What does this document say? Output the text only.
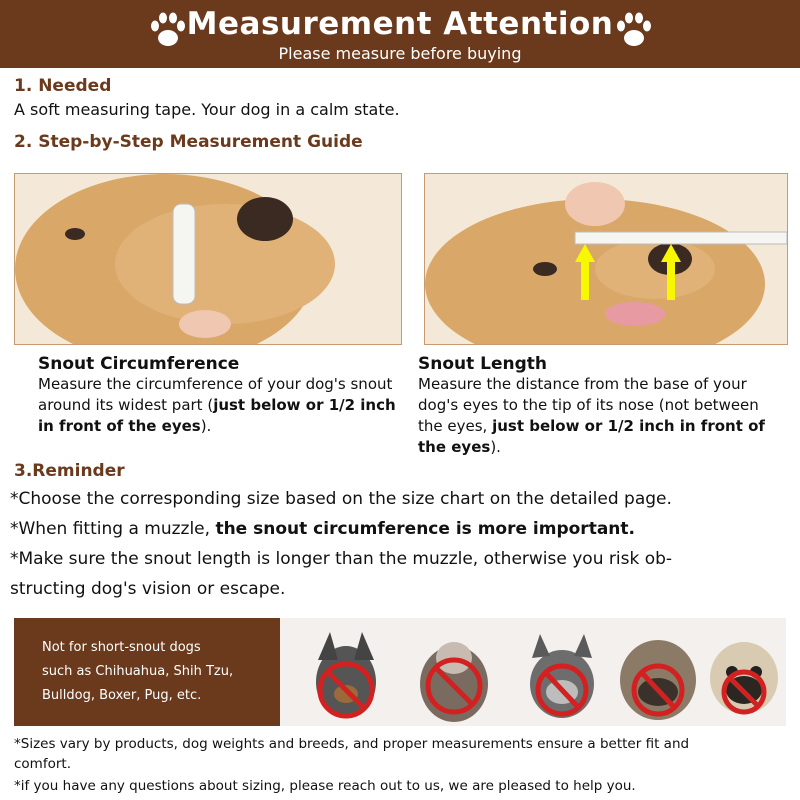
Measurement Attention
Please measure before buying
1. Needed
A soft measuring tape. Your dog in a calm state.
2. Step-by-Step Measurement Guide
Snout Circumference
Measure the circumference of your dog's snout around its widest part (just below or 1/2 inch in front of the eyes).
Snout Length
Measure the distance from the base of your dog's eyes to the tip of its nose (not between the eyes, just below or 1/2 inch in front of the eyes).
3.Reminder
*Choose the corresponding size based on the size chart on the detailed page.
*When fitting a muzzle, the snout circumference is more important.
*Make sure the snout length is longer than the muzzle, otherwise you risk ob-
structing dog's vision or escape.
Not for short-snout dogs
such as Chihuahua, Shih Tzu,
Bulldog, Boxer, Pug, etc.
*Sizes vary by products, dog weights and breeds, and proper measurements ensure a better fit and
comfort.
*if you have any questions about sizing, please reach out to us, we are pleased to help you.
